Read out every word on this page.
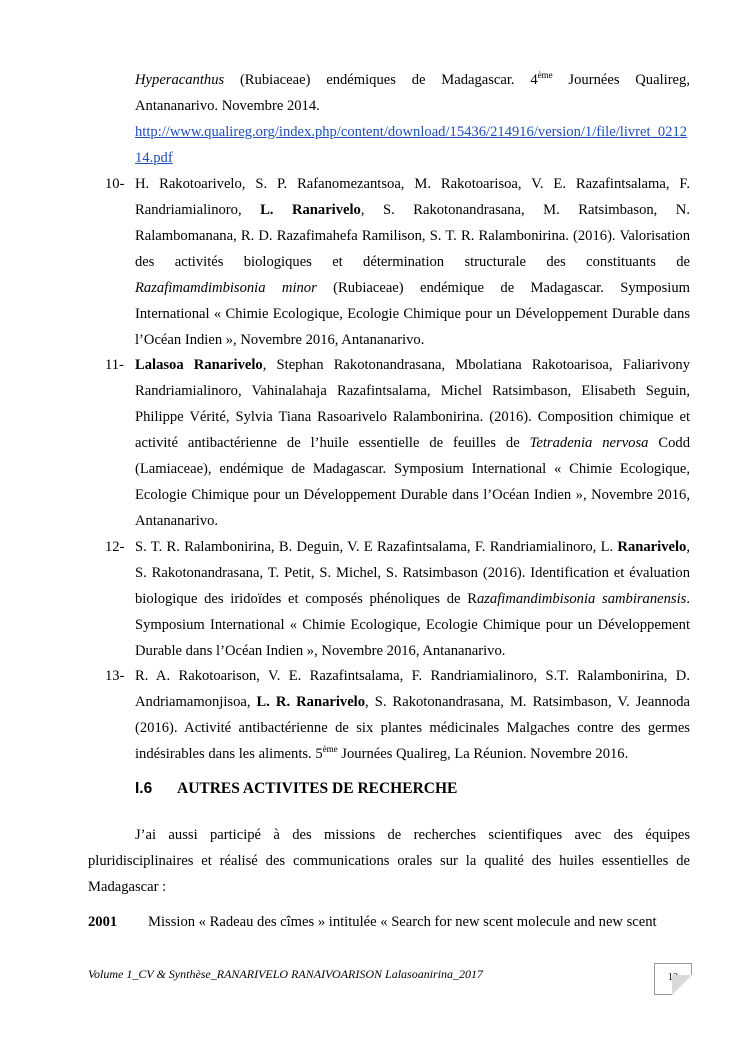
Hyperacanthus (Rubiaceae) endémiques de Madagascar. 4ème Journées Qualireg, Antananarivo. Novembre 2014.
http://www.qualireg.org/index.php/content/download/15436/214916/version/1/file/livret_021214.pdf
10- H. Rakotoarivelo, S. P. Rafanomezantsoa, M. Rakotoarisoa, V. E. Razafintsalama, F. Randriamialinoro, L. Ranarivelo, S. Rakotonandrasana, M. Ratsimbason, N. Ralambomanana, R. D. Razafimahefa Ramilison, S. T. R. Ralambonirina. (2016). Valorisation des activités biologiques et détermination structurale des constituants de Razafimamdimbisonia minor (Rubiaceae) endémique de Madagascar. Symposium International « Chimie Ecologique, Ecologie Chimique pour un Développement Durable dans l’Océan Indien », Novembre 2016, Antananarivo.
11- Lalasoa Ranarivelo, Stephan Rakotonandrasana, Mbolatiana Rakotoarisoa, Faliarivony Randriamialinoro, Vahinalahaja Razafintsalama, Michel Ratsimbason, Elisabeth Seguin, Philippe Vérité, Sylvia Tiana Rasoarivelo Ralambonirina. (2016). Composition chimique et activité antibactérienne de l’huile essentielle de feuilles de Tetradenia nervosa Codd (Lamiaceae), endémique de Madagascar. Symposium International « Chimie Ecologique, Ecologie Chimique pour un Développement Durable dans l’Océan Indien », Novembre 2016, Antananarivo.
12- S. T. R. Ralambonirina, B. Deguin, V. E Razafintsalama, F. Randriamialinoro, L. Ranarivelo, S. Rakotonandrasana, T. Petit, S. Michel, S. Ratsimbason (2016). Identification et évaluation biologique des iridoïdes et composés phénoliques de Razafimandimbisonia sambiranensis. Symposium International « Chimie Ecologique, Ecologie Chimique pour un Développement Durable dans l’Océan Indien », Novembre 2016, Antananarivo.
13- R. A. Rakotoarison, V. E. Razafintsalama, F. Randriamialinoro, S.T. Ralambonirina, D. Andriamamonjisoa, L. R. Ranarivelo, S. Rakotonandrasana, M. Ratsimbason, V. Jeannoda (2016). Activité antibactérienne de six plantes médicinales Malgaches contre des germes indésirables dans les aliments. 5ème Journées Qualireg, La Réunion. Novembre 2016.
I.6 AUTRES ACTIVITES DE RECHERCHE
J’ai aussi participé à des missions de recherches scientifiques avec des équipes pluridisciplinaires et réalisé des communications orales sur la qualité des huiles essentielles de Madagascar :
2001 Mission « Radeau des cîmes » intitulée « Search for new scent molecule and new scent
Volume 1_CV & Synthèse_RANARIVELO RANAIVOARISON Lalasoanirina_2017	12
